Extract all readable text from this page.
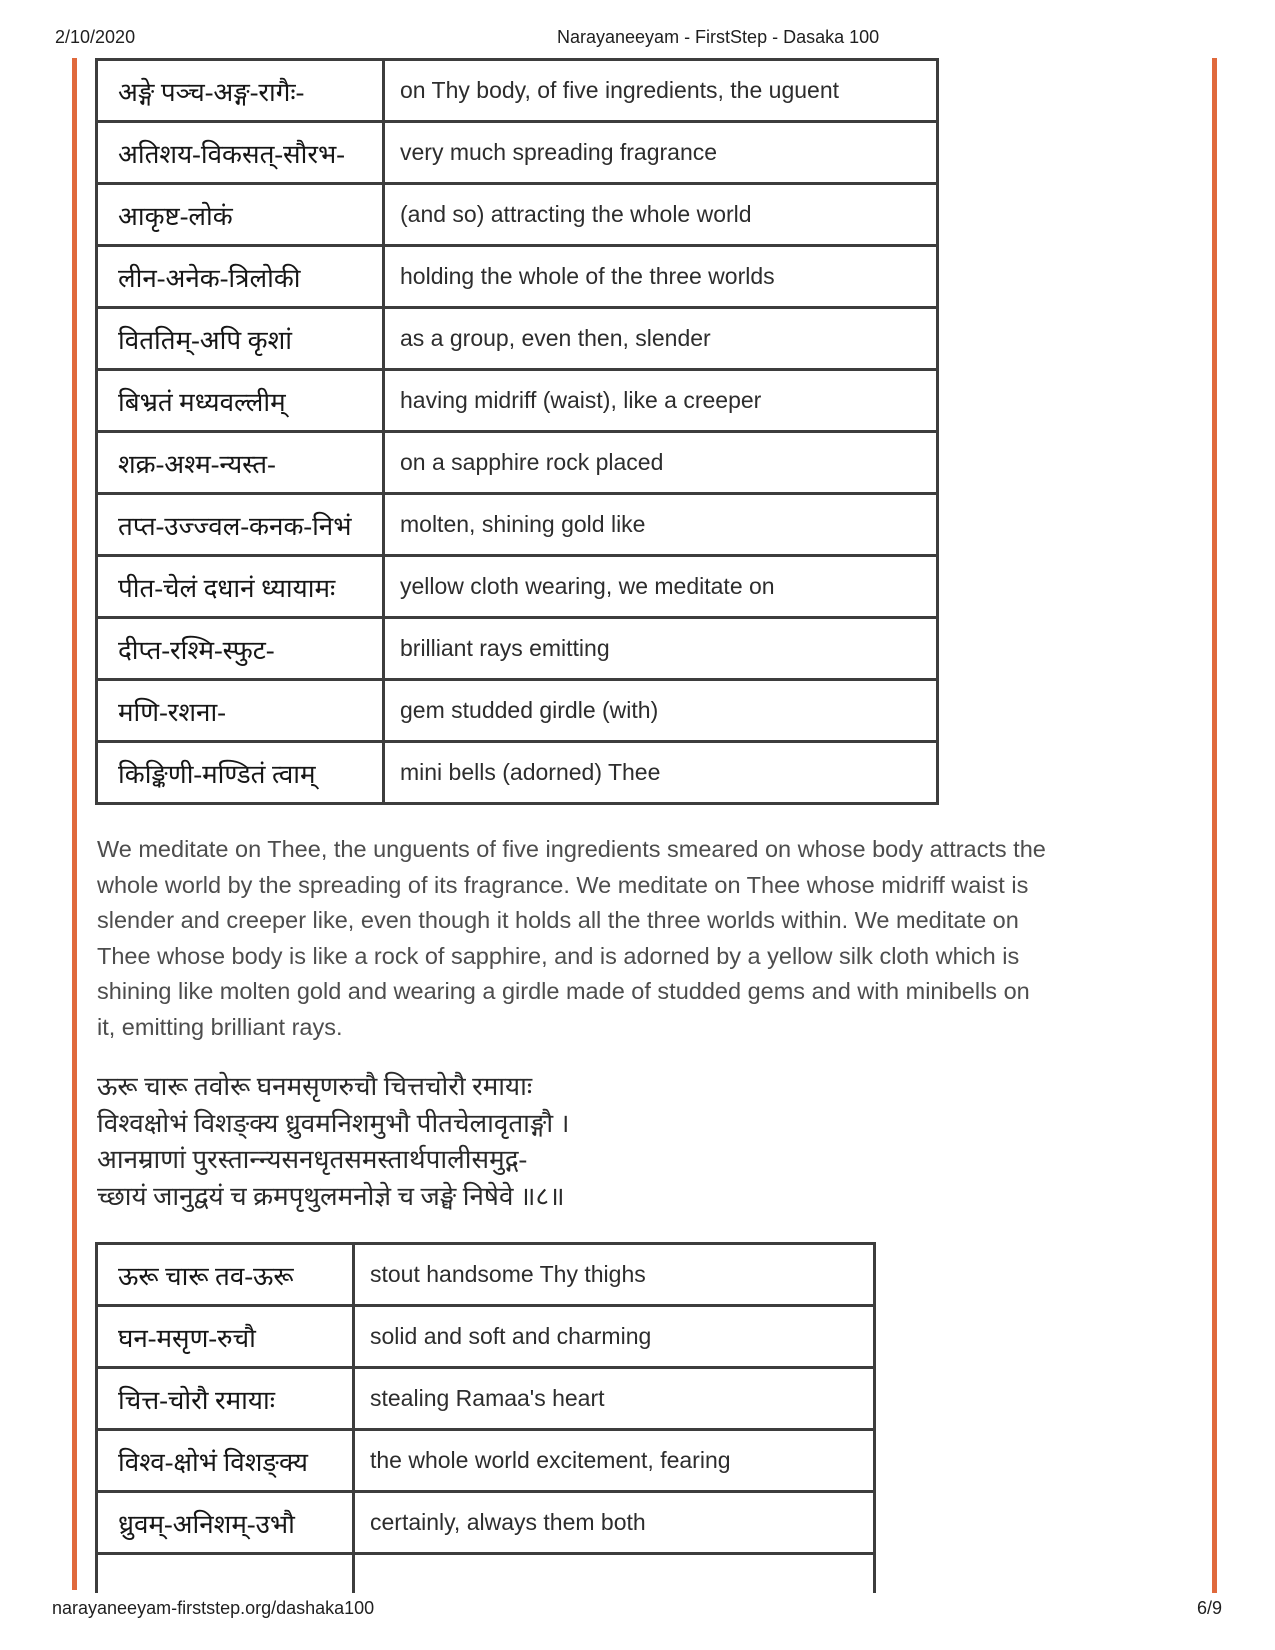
2/10/2020	Narayaneeyam - FirstStep - Dasaka 100
अङ्गे पञ्च-अङ्ग-रागैः-	on Thy body, of five ingredients, the uguent
अतिशय-विकसत्-सौरभ-	very much spreading fragrance
आकृष्ट-लोकं	(and so) attracting the whole world
लीन-अनेक-त्रिलोकी	holding the whole of the three worlds
विततिम्-अपि कृशां	as a group, even then, slender
बिभ्रतं मध्यवल्लीम्	having midriff (waist), like a creeper
शक्र-अश्म-न्यस्त-	on a sapphire rock placed
तप्त-उज्ज्वल-कनक-निभं	molten, shining gold like
पीत-चेलं दधानं ध्यायामः	yellow cloth wearing, we meditate on
दीप्त-रश्मि-स्फुट-	brilliant rays emitting
मणि-रशना-	gem studded girdle (with)
किङ्किणी-मण्डितं त्वाम्	mini bells (adorned) Thee
We meditate on Thee, the unguents of five ingredients smeared on whose body attracts the
whole world by the spreading of its fragrance. We meditate on Thee whose midriff waist is
slender and creeper like, even though it holds all the three worlds within. We meditate on
Thee whose body is like a rock of sapphire, and is adorned by a yellow silk cloth which is
shining like molten gold and wearing a girdle made of studded gems and with minibells on
it, emitting brilliant rays.
ऊरू चारू तवोरू घनमसृणरुचौ चित्तचोरौ रमायाः
विश्वक्षोभं विशङ्क्य ध्रुवमनिशमुभौ पीतचेलावृताङ्गौ ।
आनम्राणां पुरस्तान्न्यसनधृतसमस्तार्थपालीसमुद्ग-
च्छायं जानुद्वयं च क्रमपृथुलमनोज्ञे च जङ्घे निषेवे ॥८॥
ऊरू चारू तव-ऊरू	stout handsome Thy thighs
घन-मसृण-रुचौ	solid and soft and charming
चित्त-चोरौ रमायाः	stealing Ramaa's heart
विश्व-क्षोभं विशङ्क्य	the whole world excitement, fearing
ध्रुवम्-अनिशम्-उभौ	certainly, always them both
narayaneeyam-firststep.org/dashaka100	6/9
